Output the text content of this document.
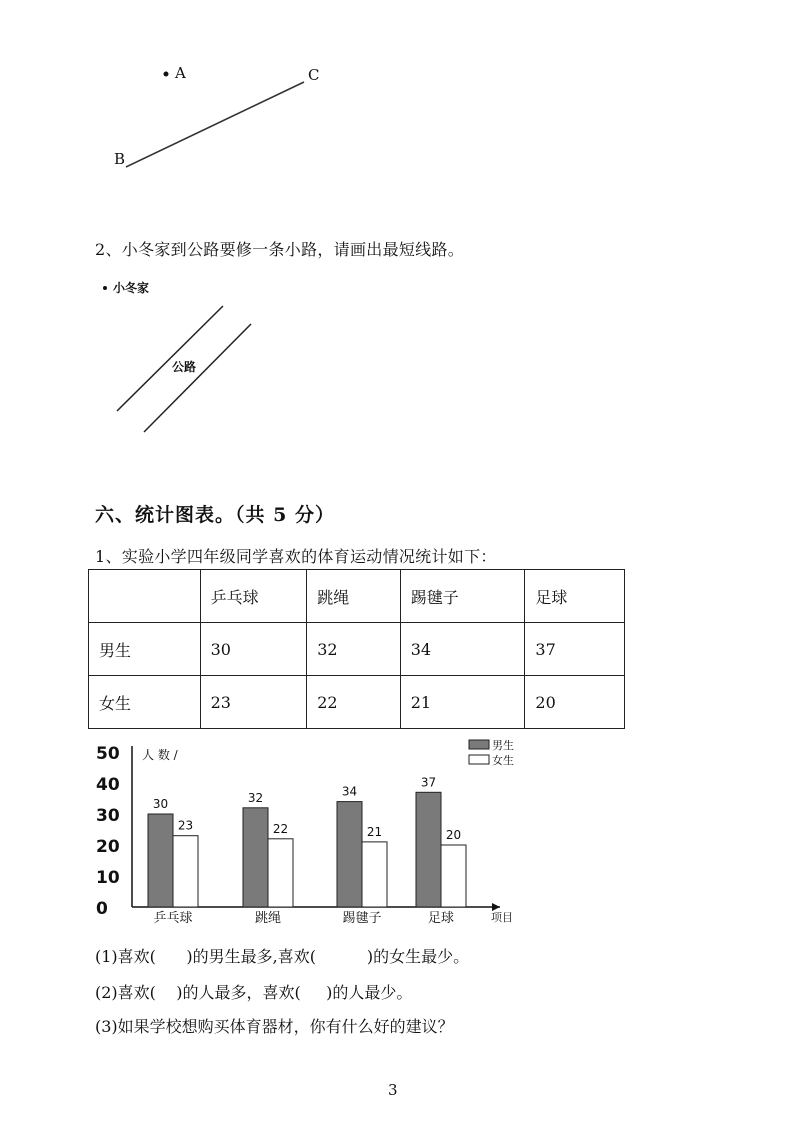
A
B
C
2、小冬家到公路要修一条小路，请画出最短线路。
小冬家
公路
六、统计图表。（共 5 分）
1、实验小学四年级同学喜欢的体育运动情况统计如下：
	乒乓球	跳绳	踢毽子	足球
男生	30	32	34	37
女生	23	22	21	20
0
10
20
30
40
50 人 数 /
30
23
乒乓球
32
22
跳绳
34
21
踢毽子
37
20
足球	项目
男生
女生
(1)喜欢(      )的男生最多,喜欢(          )的女生最少。
(2)喜欢(    )的人最多，喜欢(     )的人最少。
(3)如果学校想购买体育器材，你有什么好的建议？
3
